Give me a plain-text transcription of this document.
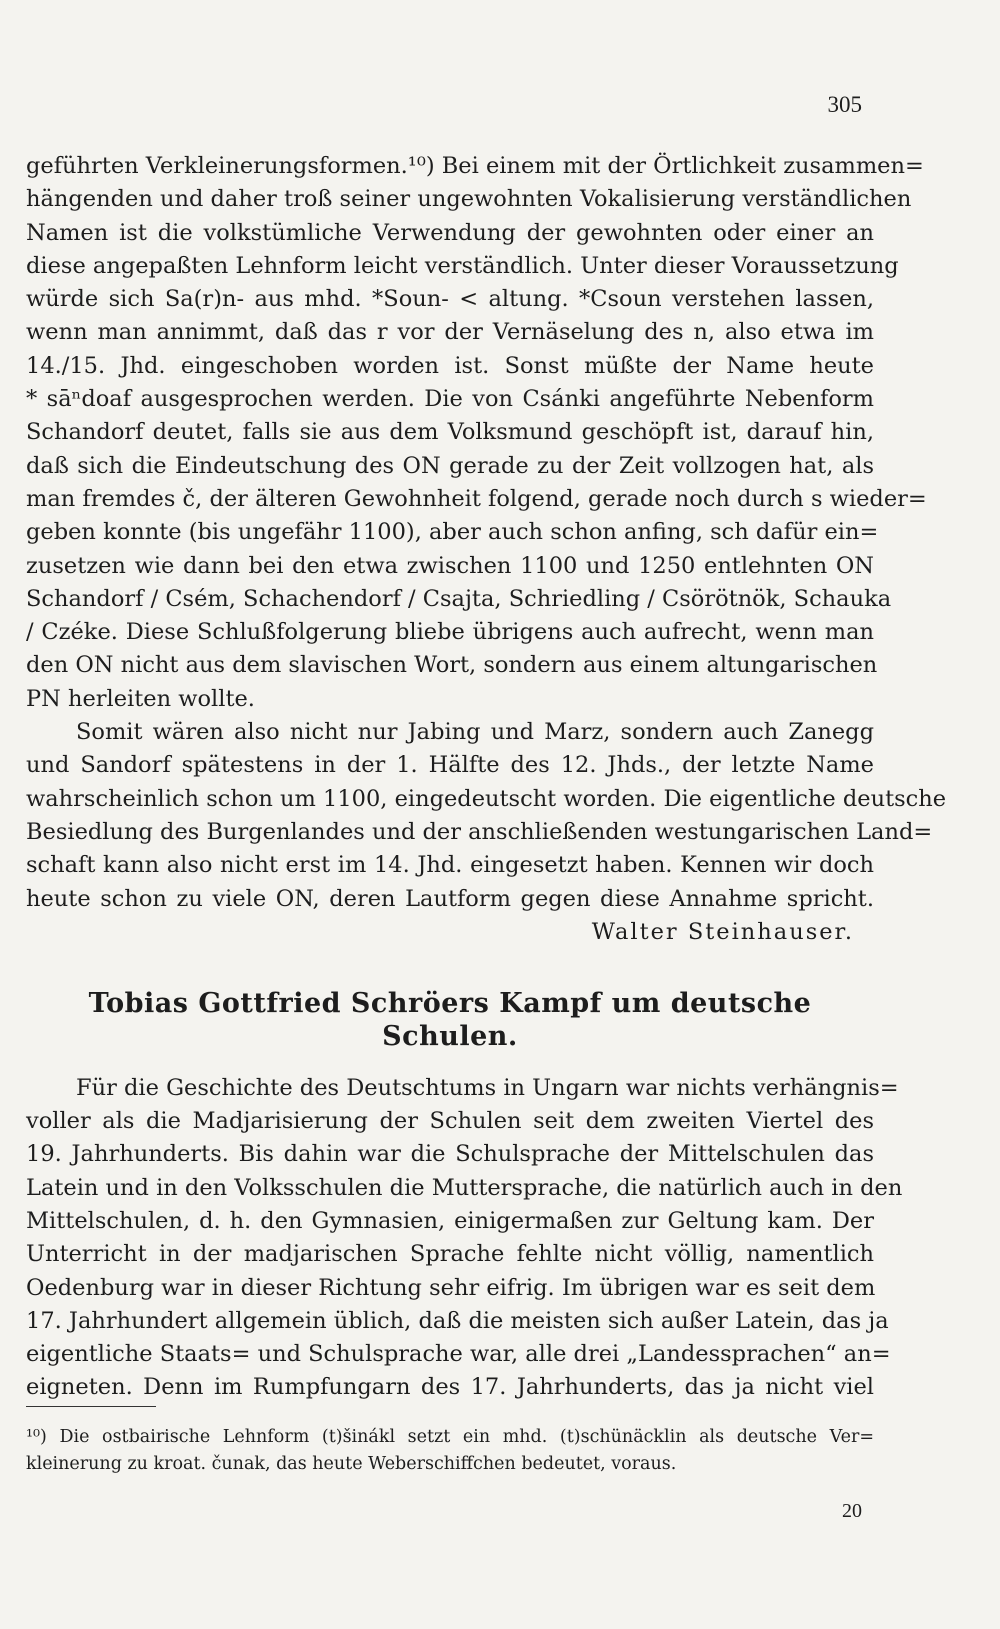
305
geführten Verkleinerungsformen.¹⁰) Bei einem mit der Örtlichkeit zusammen=
hängenden und daher troß seiner ungewohnten Vokalisierung verständlichen
Namen ist die volkstümliche Verwendung der gewohnten oder einer an
diese angepaßten Lehnform leicht verständlich. Unter dieser Voraussetzung
würde sich Sa(r)n- aus mhd. *Soun- < altung. *Csoun verstehen lassen,
wenn man annimmt, daß das r vor der Vernäselung des n, also etwa im
14./15. Jhd. eingeschoben worden ist. Sonst müßte der Name heute
* sāⁿdoaf ausgesprochen werden. Die von Csánki angeführte Nebenform
Schandorf deutet, falls sie aus dem Volksmund geschöpft ist, darauf hin,
daß sich die Eindeutschung des ON gerade zu der Zeit vollzogen hat, als
man fremdes č, der älteren Gewohnheit folgend, gerade noch durch s wieder=
geben konnte (bis ungefähr 1100), aber auch schon anfing, sch dafür ein=
zusetzen wie dann bei den etwa zwischen 1100 und 1250 entlehnten ON
Schandorf / Csém, Schachendorf / Csajta, Schriedling / Csörötnök, Schauka
/ Czéke. Diese Schlußfolgerung bliebe übrigens auch aufrecht, wenn man
den ON nicht aus dem slavischen Wort, sondern aus einem altungarischen
PN herleiten wollte.
Somit wären also nicht nur Jabing und Marz, sondern auch Zanegg
und Sandorf spätestens in der 1. Hälfte des 12. Jhds., der letzte Name
wahrscheinlich schon um 1100, eingedeutscht worden. Die eigentliche deutsche
Besiedlung des Burgenlandes und der anschließenden westungarischen Land=
schaft kann also nicht erst im 14. Jhd. eingesetzt haben. Kennen wir doch
heute schon zu viele ON, deren Lautform gegen diese Annahme spricht.
Walter Steinhauser.
Tobias Gottfried Schröers Kampf um deutsche Schulen.
Für die Geschichte des Deutschtums in Ungarn war nichts verhängnis=
voller als die Madjarisierung der Schulen seit dem zweiten Viertel des
19. Jahrhunderts. Bis dahin war die Schulsprache der Mittelschulen das
Latein und in den Volksschulen die Muttersprache, die natürlich auch in den
Mittelschulen, d. h. den Gymnasien, einigermaßen zur Geltung kam. Der
Unterricht in der madjarischen Sprache fehlte nicht völlig, namentlich
Oedenburg war in dieser Richtung sehr eifrig. Im übrigen war es seit dem
17. Jahrhundert allgemein üblich, daß die meisten sich außer Latein, das ja
eigentliche Staats= und Schulsprache war, alle drei „Landessprachen“ an=
eigneten. Denn im Rumpfungarn des 17. Jahrhunderts, das ja nicht viel
¹⁰) Die ostbairische Lehnform (t)šinákl setzt ein mhd. (t)schünäcklin als deutsche Ver=
kleinerung zu kroat. čunak, das heute Weberschiffchen bedeutet, voraus.
20
